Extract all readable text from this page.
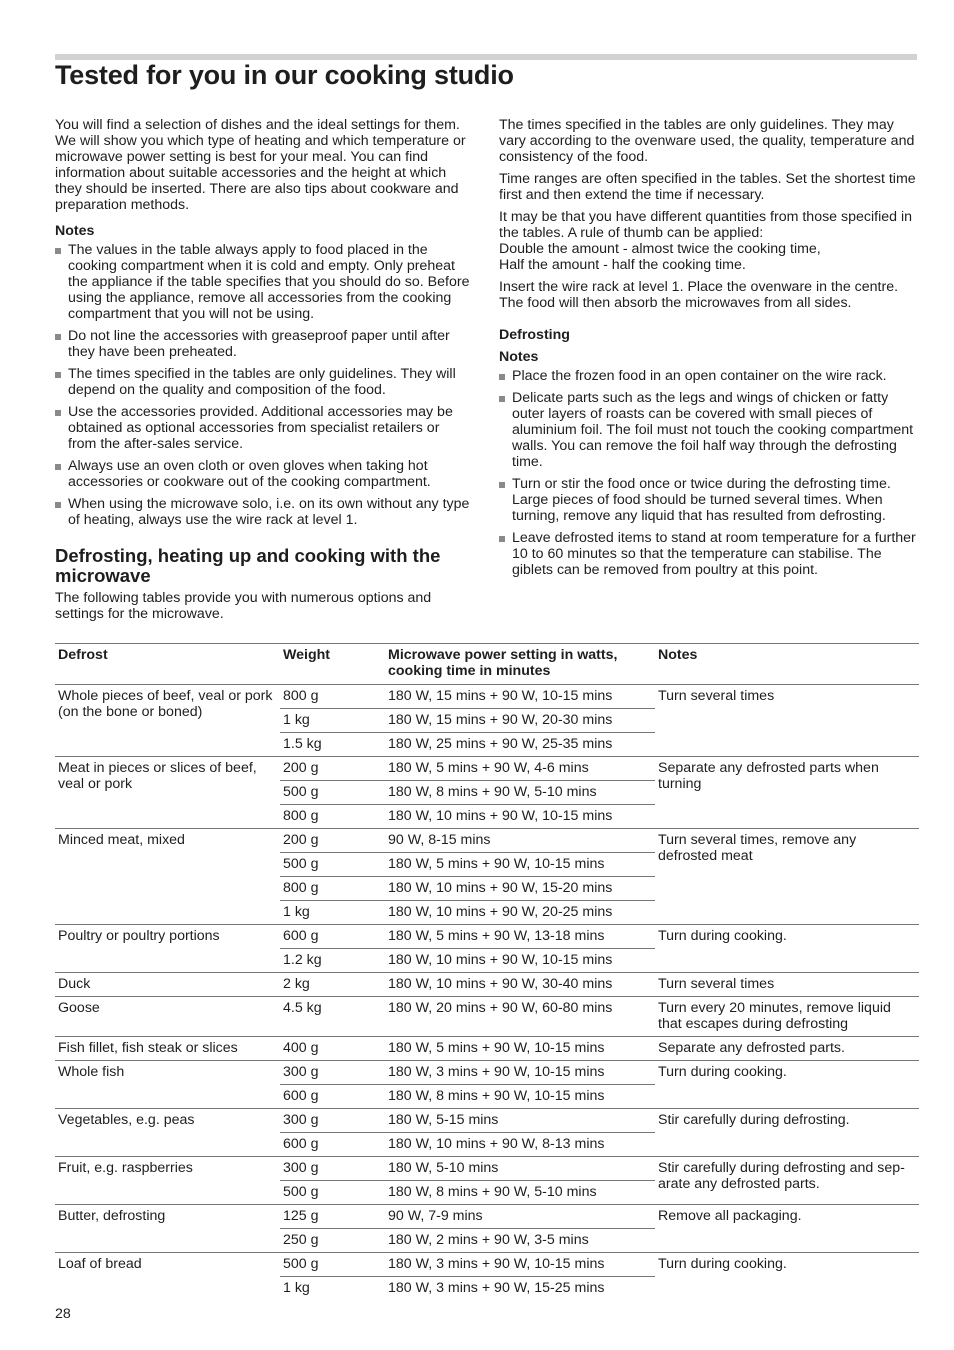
Tested for you in our cooking studio

You will find a selection of dishes and the ideal settings for them. We will show you which type of heating and which temperature or microwave power setting is best for your meal. You can find information about suitable accessories and the height at which they should be inserted. There are also tips about cookware and preparation methods.

Notes
The values in the table always apply to food placed in the cooking compartment when it is cold and empty. Only preheat the appliance if the table specifies that you should do so. Before using the appliance, remove all accessories from the cooking compartment that you will not be using.
Do not line the accessories with greaseproof paper until after they have been preheated.
The times specified in the tables are only guidelines. They will depend on the quality and composition of the food.
Use the accessories provided. Additional accessories may be obtained as optional accessories from specialist retailers or from the after-sales service.
Always use an oven cloth or oven gloves when taking hot accessories or cookware out of the cooking compartment.
When using the microwave solo, i.e. on its own without any type of heating, always use the wire rack at level 1.
Defrosting, heating up and cooking with the microwave

The following tables provide you with numerous options and settings for the microwave.

The times specified in the tables are only guidelines. They may vary according to the ovenware used, the quality, temperature and consistency of the food.

Time ranges are often specified in the tables. Set the shortest time first and then extend the time if necessary.

It may be that you have different quantities from those specified in the tables. A rule of thumb can be applied:
Double the amount - almost twice the cooking time,
Half the amount - half the cooking time.

Insert the wire rack at level 1. Place the ovenware in the centre. The food will then absorb the microwaves from all sides.

Defrosting
Notes
Place the frozen food in an open container on the wire rack.
Delicate parts such as the legs and wings of chicken or fatty outer layers of roasts can be covered with small pieces of aluminium foil. The foil must not touch the cooking compartment walls. You can remove the foil half way through the defrosting time.
Turn or stir the food once or twice during the defrosting time. Large pieces of food should be turned several times. When turning, remove any liquid that has resulted from defrosting.
Leave defrosted items to stand at room temperature for a further 10 to 60 minutes so that the temperature can stabilise. The giblets can be removed from poultry at this point.
Defrost	Weight	Microwave power setting in watts, cooking time in minutes	Notes
Whole pieces of beef, veal or pork (on the bone or boned)	800 g	180 W, 15 mins + 90 W, 10-15 mins	Turn several times
	1 kg	180 W, 15 mins + 90 W, 20-30 mins	
	1.5 kg	180 W, 25 mins + 90 W, 25-35 mins	
Meat in pieces or slices of beef, veal or pork	200 g	180 W, 5 mins + 90 W, 4-6 mins	Separate any defrosted parts when turning
	500 g	180 W, 8 mins + 90 W, 5-10 mins	
	800 g	180 W, 10 mins + 90 W, 10-15 mins	
Minced meat, mixed	200 g	90 W, 8-15 mins	Turn several times, remove any defrosted meat
	500 g	180 W, 5 mins + 90 W, 10-15 mins	
	800 g	180 W, 10 mins + 90 W, 15-20 mins	
	1 kg	180 W, 10 mins + 90 W, 20-25 mins	
Poultry or poultry portions	600 g	180 W, 5 mins + 90 W, 13-18 mins	Turn during cooking.
	1.2 kg	180 W, 10 mins + 90 W, 10-15 mins	
Duck	2 kg	180 W, 10 mins + 90 W, 30-40 mins	Turn several times
Goose	4.5 kg	180 W, 20 mins + 90 W, 60-80 mins	Turn every 20 minutes, remove liquid that escapes during defrosting
Fish fillet, fish steak or slices	400 g	180 W, 5 mins + 90 W, 10-15 mins	Separate any defrosted parts.
Whole fish	300 g	180 W, 3 mins + 90 W, 10-15 mins	Turn during cooking.
	600 g	180 W, 8 mins + 90 W, 10-15 mins	
Vegetables, e.g. peas	300 g	180 W, 5-15 mins	Stir carefully during defrosting.
	600 g	180 W, 10 mins + 90 W, 8-13 mins	
Fruit, e.g. raspberries	300 g	180 W, 5-10 mins	Stir carefully during defrosting and sep-arate any defrosted parts.
	500 g	180 W, 8 mins + 90 W, 5-10 mins	
Butter, defrosting	125 g	90 W, 7-9 mins	Remove all packaging.
	250 g	180 W, 2 mins + 90 W, 3-5 mins	
Loaf of bread	500 g	180 W, 3 mins + 90 W, 10-15 mins	Turn during cooking.
	1 kg	180 W, 3 mins + 90 W, 15-25 mins	
28
